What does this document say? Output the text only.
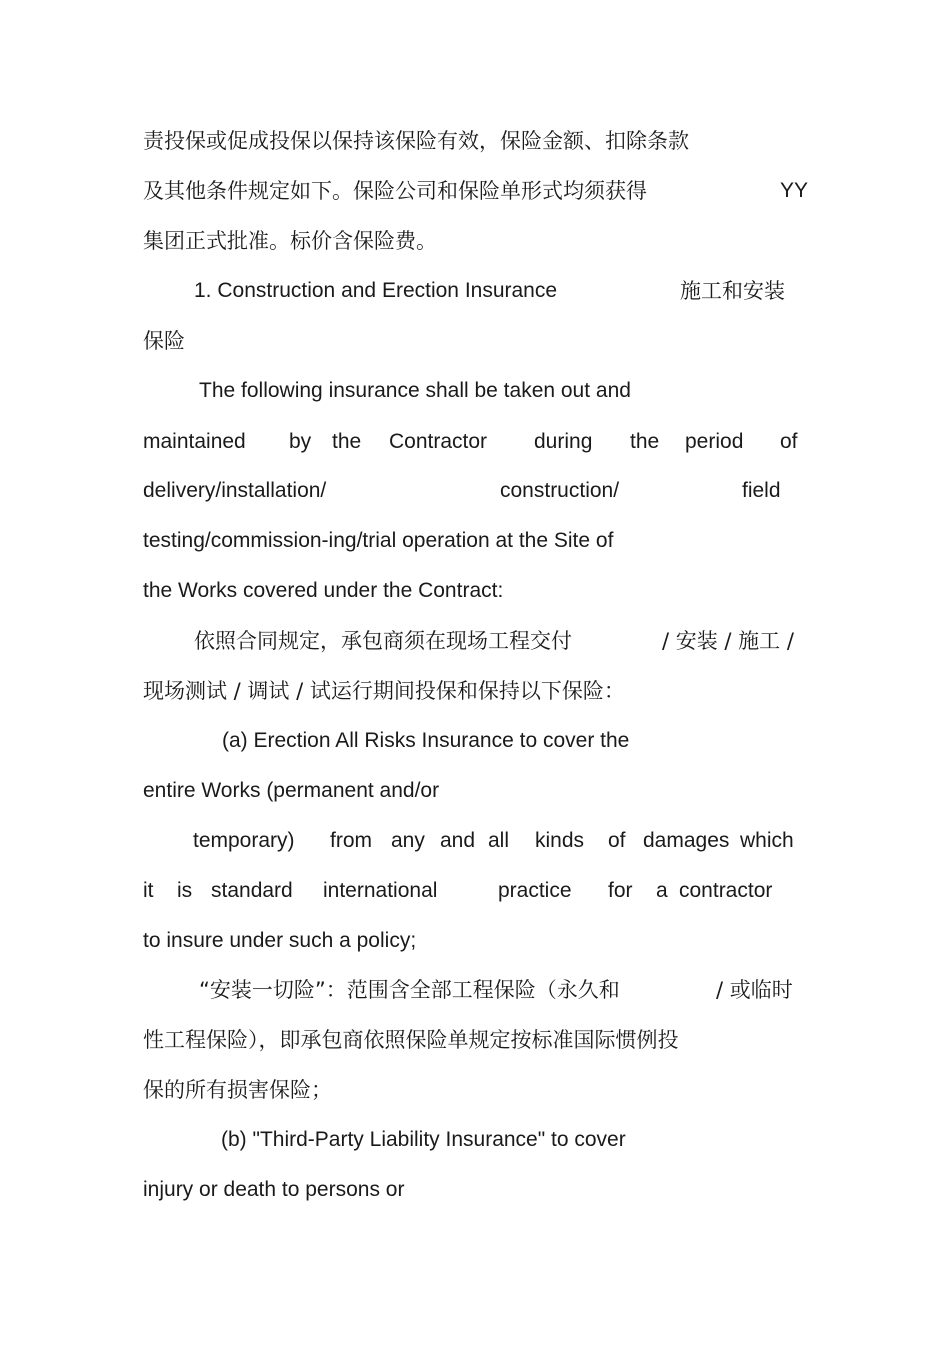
责投保或促成投保以保持该保险有效，保险金额、扣除条款
及其他条件规定如下。保险公司和保险单形式均须获得	YY
集团正式批准。标价含保险费。
1. Construction and Erection Insurance	施工和安装
保险
The following insurance shall be taken out and
maintained by the Contractor during the period of
delivery/installation/	construction/	field
testing/commission-ing/trial operation at the Site of
the Works covered under the Contract:
依照合同规定，承包商须在现场工程交付	/ 安装 / 施工 /
现场测试 / 调试 / 试运行期间投保和保持以下保险：
(a) Erection All Risks Insurance to cover the
entire Works (permanent and/or
temporary) from any and all kinds of damages which
it is standard international	practice for a contractor
to insure under such a policy;
“安装一切险”：范围含全部工程保险（永久和	/ 或临时
性工程保险），即承包商依照保险单规定按标准国际惯例投
保的所有损害保险；
(b) "Third-Party Liability Insurance" to cover
injury or death to persons or
